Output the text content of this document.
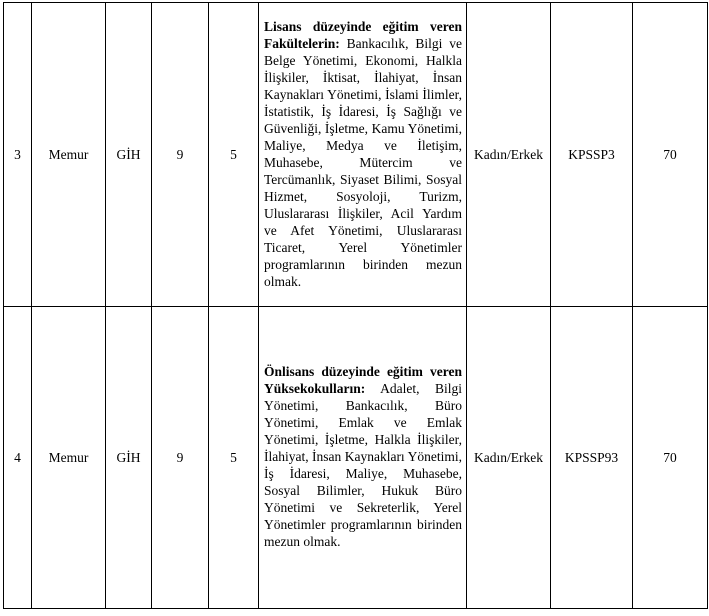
3	Memur	GİH	9	5	Lisans düzeyinde eğitim veren Fakültelerin: Bankacılık, Bilgi ve Belge Yönetimi, Ekonomi, Halkla İlişkiler, İktisat, İlahiyat, İnsan Kaynakları Yönetimi, İslami İlimler, İstatistik, İş İdaresi, İş Sağlığı ve Güvenliği, İşletme, Kamu Yönetimi, Maliye, Medya ve İletişim, Muhasebe, Mütercim ve Tercümanlık, Siyaset Bilimi, Sosyal Hizmet, Sosyoloji, Turizm, Uluslararası İlişkiler, Acil Yardım ve Afet Yönetimi, Uluslararası Ticaret, Yerel Yönetimler programlarının birinden mezun olmak.	Kadın/Erkek	KPSSP3	70
4	Memur	GİH	9	5	Önlisans düzeyinde eğitim veren Yüksekokulların: Adalet, Bilgi Yönetimi, Bankacılık, Büro Yönetimi, Emlak ve Emlak Yönetimi, İşletme, Halkla İlişkiler, İlahiyat, İnsan Kaynakları Yönetimi, İş İdaresi, Maliye, Muhasebe, Sosyal Bilimler, Hukuk Büro Yönetimi ve Sekreterlik, Yerel Yönetimler programlarının birinden mezun olmak.	Kadın/Erkek	KPSSP93	70
